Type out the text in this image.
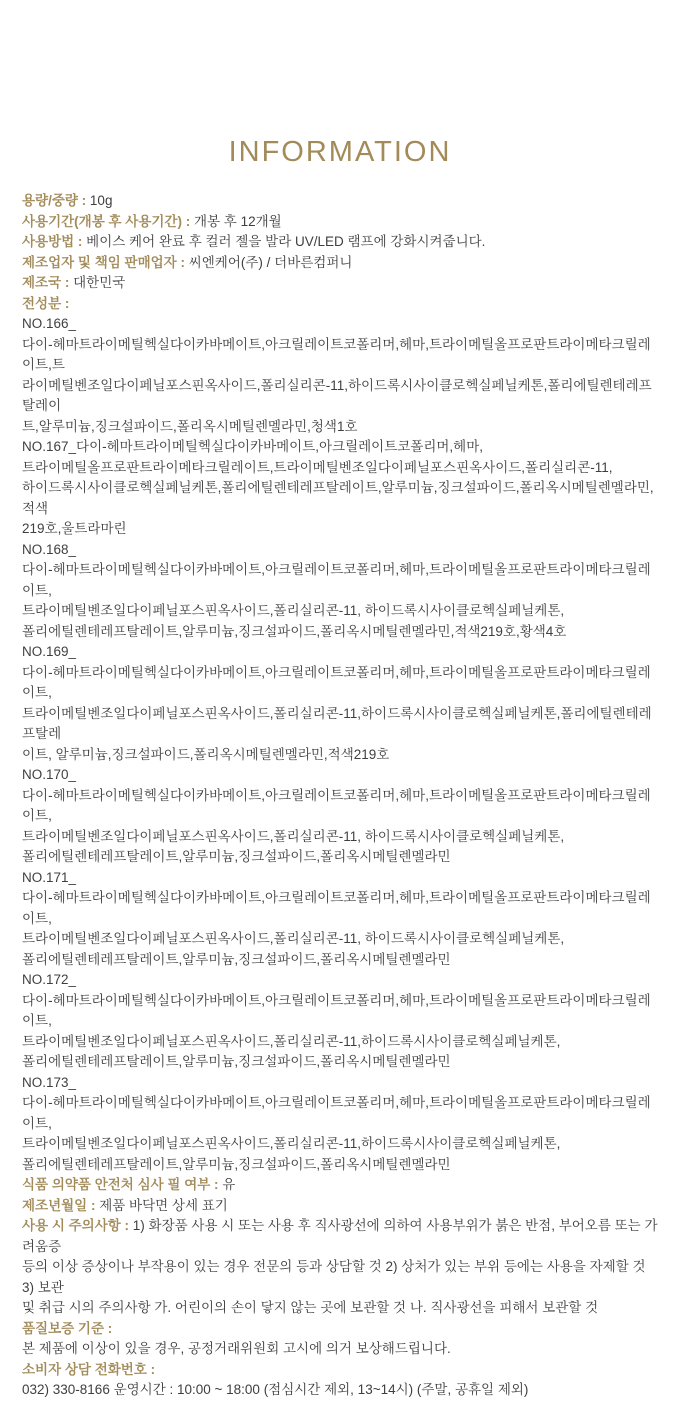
INFORMATION
용량/중량 : 10g
사용기간(개봉 후 사용기간) : 개봉 후 12개월
사용방법 : 베이스 케어 완료 후 컬러 젤을 발라 UV/LED 램프에 강화시켜줍니다.
제조업자 및 책임 판매업자 : 씨엔케어(주) / 더바른컴퍼니
제조국 : 대한민국
전성분 :
NO.166_
다이-헤마트라이메틸헥실다이카바메이트,아크릴레이트코폴리머,헤마,트라이메틸올프로판트라이메타크릴레이트,트
라이메틸벤조일다이페닐포스핀옥사이드,폴리실리콘-11,하이드록시사이클로헥실페닐케톤,폴리에틸렌테레프탈레이
트,알루미늄,징크설파이드,폴리옥시메틸렌멜라민,청색1호
NO.167_다이-헤마트라이메틸헥실다이카바메이트,아크릴레이트코폴리머,헤마,
트라이메틸올프로판트라이메타크릴레이트,트라이메틸벤조일다이페닐포스핀옥사이드,폴리실리콘-11,
하이드록시사이클로헥실페닐케톤,폴리에틸렌테레프탈레이트,알루미늄,징크설파이드,폴리옥시메틸렌멜라민,적색
219호,울트라마린
NO.168_
다이-헤마트라이메틸헥실다이카바메이트,아크릴레이트코폴리머,헤마,트라이메틸올프로판트라이메타크릴레이트,
트라이메틸벤조일다이페닐포스핀옥사이드,폴리실리콘-11, 하이드록시사이클로헥실페닐케톤,
폴리에틸렌테레프탈레이트,알루미늄,징크설파이드,폴리옥시메틸렌멜라민,적색219호,황색4호
NO.169_
다이-헤마트라이메틸헥실다이카바메이트,아크릴레이트코폴리머,헤마,트라이메틸올프로판트라이메타크릴레이트,
트라이메틸벤조일다이페닐포스핀옥사이드,폴리실리콘-11,하이드록시사이클로헥실페닐케톤,폴리에틸렌테레프탈레
이트, 알루미늄,징크설파이드,폴리옥시메틸렌멜라민,적색219호
NO.170_
다이-헤마트라이메틸헥실다이카바메이트,아크릴레이트코폴리머,헤마,트라이메틸올프로판트라이메타크릴레이트,
트라이메틸벤조일다이페닐포스핀옥사이드,폴리실리콘-11, 하이드록시사이클로헥실페닐케톤,
폴리에틸렌테레프탈레이트,알루미늄,징크설파이드,폴리옥시메틸렌멜라민
NO.171_
다이-헤마트라이메틸헥실다이카바메이트,아크릴레이트코폴리머,헤마,트라이메틸올프로판트라이메타크릴레이트,
트라이메틸벤조일다이페닐포스핀옥사이드,폴리실리콘-11, 하이드록시사이클로헥실페닐케톤,
폴리에틸렌테레프탈레이트,알루미늄,징크설파이드,폴리옥시메틸렌멜라민
NO.172_
다이-헤마트라이메틸헥실다이카바메이트,아크릴레이트코폴리머,헤마,트라이메틸올프로판트라이메타크릴레이트,
트라이메틸벤조일다이페닐포스핀옥사이드,폴리실리콘-11,하이드록시사이클로헥실페닐케톤,
폴리에틸렌테레프탈레이트,알루미늄,징크설파이드,폴리옥시메틸렌멜라민
NO.173_
다이-헤마트라이메틸헥실다이카바메이트,아크릴레이트코폴리머,헤마,트라이메틸올프로판트라이메타크릴레이트,
트라이메틸벤조일다이페닐포스핀옥사이드,폴리실리콘-11,하이드록시사이클로헥실페닐케톤,
폴리에틸렌테레프탈레이트,알루미늄,징크설파이드,폴리옥시메틸렌멜라민
식품 의약품 안전처 심사 필 여부 : 유
제조년월일 : 제품 바닥면 상세 표기
사용 시 주의사항 : 1) 화장품 사용 시 또는 사용 후 직사광선에 의하여 사용부위가 붉은 반점, 부어오름 또는 가려움증
등의 이상 증상이나 부작용이 있는 경우 전문의 등과 상담할 것 2) 상처가 있는 부위 등에는 사용을 자제할 것 3) 보관
및 취급 시의 주의사항 가. 어린이의 손이 닿지 않는 곳에 보관할 것 나. 직사광선을 피해서 보관할 것
품질보증 기준 :
본 제품에 이상이 있을 경우, 공정거래위원회 고시에 의거 보상해드립니다.
소비자 상담 전화번호 :
032) 330-8166 운영시간 : 10:00 ~ 18:00 (점심시간 제외, 13~14시) (주말, 공휴일 제외)
